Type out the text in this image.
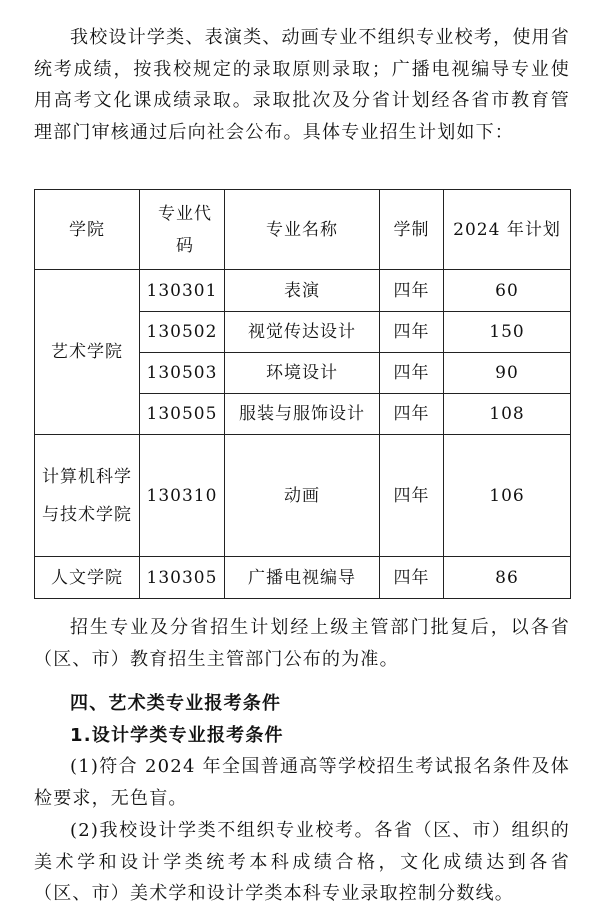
我校设计学类、表演类、动画专业不组织专业校考，使用省统考成绩，按我校规定的录取原则录取；广播电视编导专业使用高考文化课成绩录取。录取批次及分省计划经各省市教育管理部门审核通过后向社会公布。具体专业招生计划如下：

学院	专业代码	专业名称	学制	2024 年计划
艺术学院	130301	表演	四年	60
	130502	视觉传达设计	四年	150
	130503	环境设计	四年	90
	130505	服装与服饰设计	四年	108
计算机科学与技术学院	130310	动画	四年	106
人文学院	130305	广播电视编导	四年	86

招生专业及分省招生计划经上级主管部门批复后，以各省（区、市）教育招生主管部门公布的为准。

四、艺术类专业报考条件

1.设计学类专业报考条件

(1)符合 2024 年全国普通高等学校招生考试报名条件及体检要求，无色盲。

(2)我校设计学类不组织专业校考。各省（区、市）组织的美术学和设计学类统考本科成绩合格，文化成绩达到各省（区、市）美术学和设计学类本科专业录取控制分数线。
